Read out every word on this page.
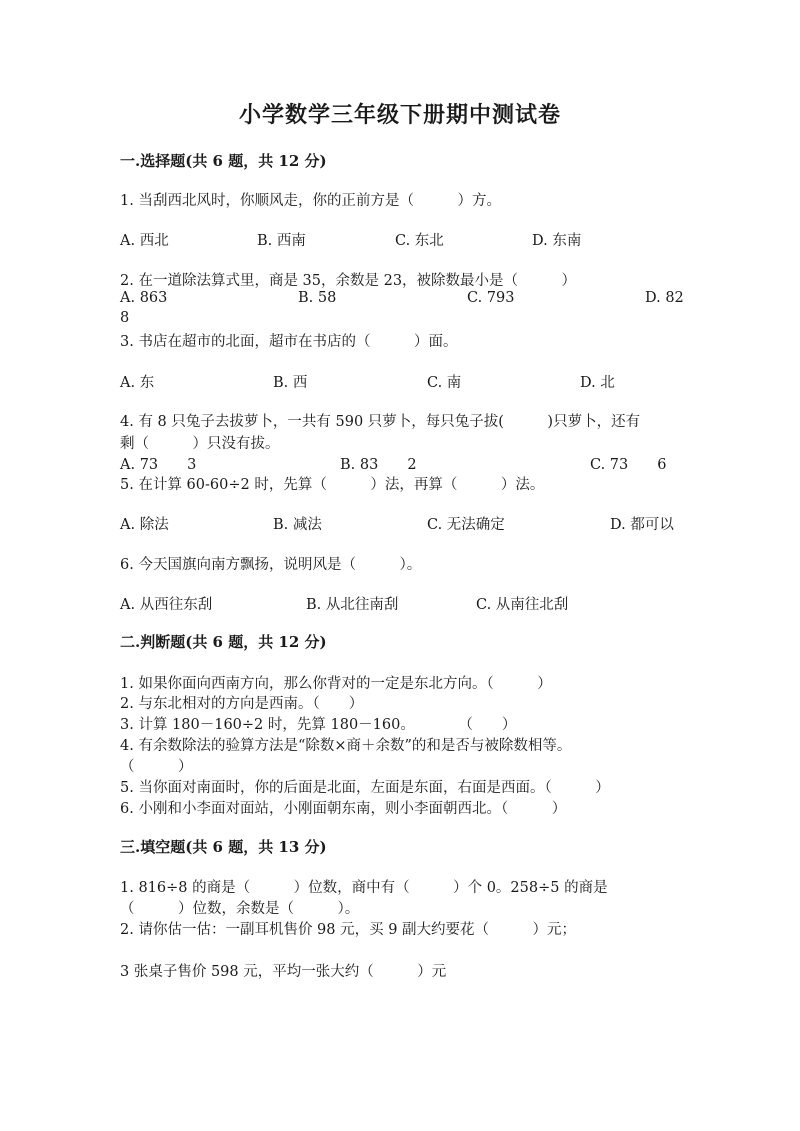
小学数学三年级下册期中测试卷
一.选择题(共 6 题，共 12 分)
1. 当刮西北风时，你顺风走，你的正前方是（　　　）方。
A. 西北	B. 西南	C. 东北	D. 东南
2. 在一道除法算式里，商是 35，余数是 23，被除数最小是（　　　）
A. 863	B. 58	C. 793	D. 82
8
3. 书店在超市的北面，超市在书店的（　　　）面。
A. 东	B. 西	C. 南	D. 北
4. 有 8 只兔子去拔萝卜，一共有 590 只萝卜，每只兔子拔(　　　)只萝卜，还有
剩（　　　）只没有拔。
A. 73　　3	B. 83　　2	C. 73　　6
5. 在计算 60-60÷2 时，先算（　　　）法，再算（　　　）法。
A. 除法	B. 减法	C. 无法确定	D. 都可以
6. 今天国旗向南方飘扬，说明风是（　　　）。
A. 从西往东刮	B. 从北往南刮	C. 从南往北刮
二.判断题(共 6 题，共 12 分)
1. 如果你面向西南方向，那么你背对的一定是东北方向。（　　　）
2. 与东北相对的方向是西南。（　　）
3. 计算 180－160÷2 时，先算 180－160。　　　　（　　）
4. 有余数除法的验算方法是“除数×商＋余数”的和是否与被除数相等。
（　　　）
5. 当你面对南面时，你的后面是北面，左面是东面，右面是西面。（　　　）
6. 小刚和小李面对面站，小刚面朝东南，则小李面朝西北。（　　　）
三.填空题(共 6 题，共 13 分)
1. 816÷8 的商是（　　　）位数，商中有（　　　）个 0。258÷5 的商是
（　　　）位数，余数是（　　　）。
2. 请你估一估：一副耳机售价 98 元，买 9 副大约要花（　　　）元；
3 张桌子售价 598 元，平均一张大约（　　　）元
